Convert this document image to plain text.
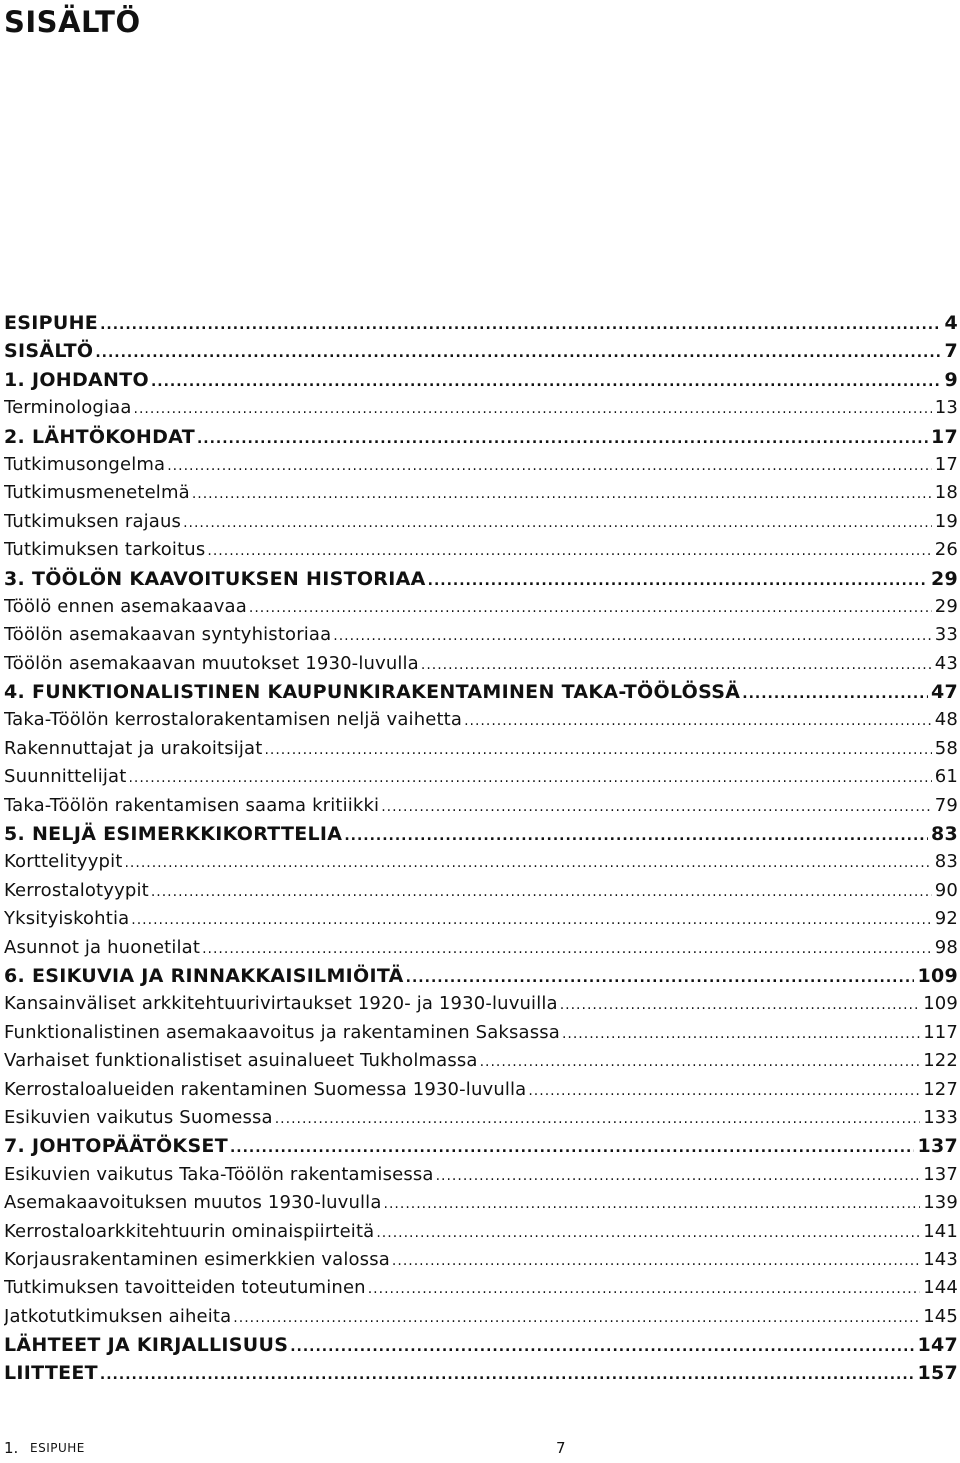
SISÄLTÖ
ESIPUHE .....	4
SISÄLTÖ .....	7
1. JOHDANTO .....	9
Terminologiaa .....	13
2. LÄHTÖKOHDAT .....	17
Tutkimusongelma .....	17
Tutkimusmenetelmä .....	18
Tutkimuksen rajaus .....	19
Tutkimuksen tarkoitus .....	26
3. TÖÖLÖN KAAVOITUKSEN HISTORIAA .....	29
Töölö ennen asemakaavaa .....	29
Töölön asemakaavan syntyhistoriaa .....	33
Töölön asemakaavan muutokset 1930-luvulla .....	43
4. FUNKTIONALISTINEN KAUPUNKIRAKENTAMINEN TAKA-TÖÖLÖSSÄ .....	47
Taka-Töölön kerrostalorakentamisen neljä vaihetta .....	48
Rakennuttajat ja urakoitsijat .....	58
Suunnittelijat .....	61
Taka-Töölön rakentamisen saama kritiikki .....	79
5. NELJÄ ESIMERKKIKORTTELIA .....	83
Korttelityypit .....	83
Kerrostalotyypit .....	90
Yksityiskohtia .....	92
Asunnot ja huonetilat .....	98
6. ESIKUVIA JA RINNAKKAISILMIÖITÄ .....	109
Kansainväliset arkkitehtuurivirtaukset 1920- ja 1930-luvuilla .....	109
Funktionalistinen asemakaavoitus ja rakentaminen Saksassa .....	117
Varhaiset funktionalistiset asuinalueet Tukholmassa .....	122
Kerrostaloalueiden rakentaminen Suomessa 1930-luvulla .....	127
Esikuvien vaikutus Suomessa .....	133
7. JOHTOPÄÄTÖKSET .....	137
Esikuvien vaikutus Taka-Töölön rakentamisessa .....	137
Asemakaavoituksen muutos 1930-luvulla .....	139
Kerrostaloarkkitehtuurin ominaispiirteitä .....	141
Korjausrakentaminen esimerkkien valossa .....	143
Tutkimuksen tavoitteiden toteutuminen .....	144
Jatkotutkimuksen aiheita .....	145
LÄHTEET JA KIRJALLISUUS .....	147
LIITTEET .....	157
1. ESIPUHE	7
